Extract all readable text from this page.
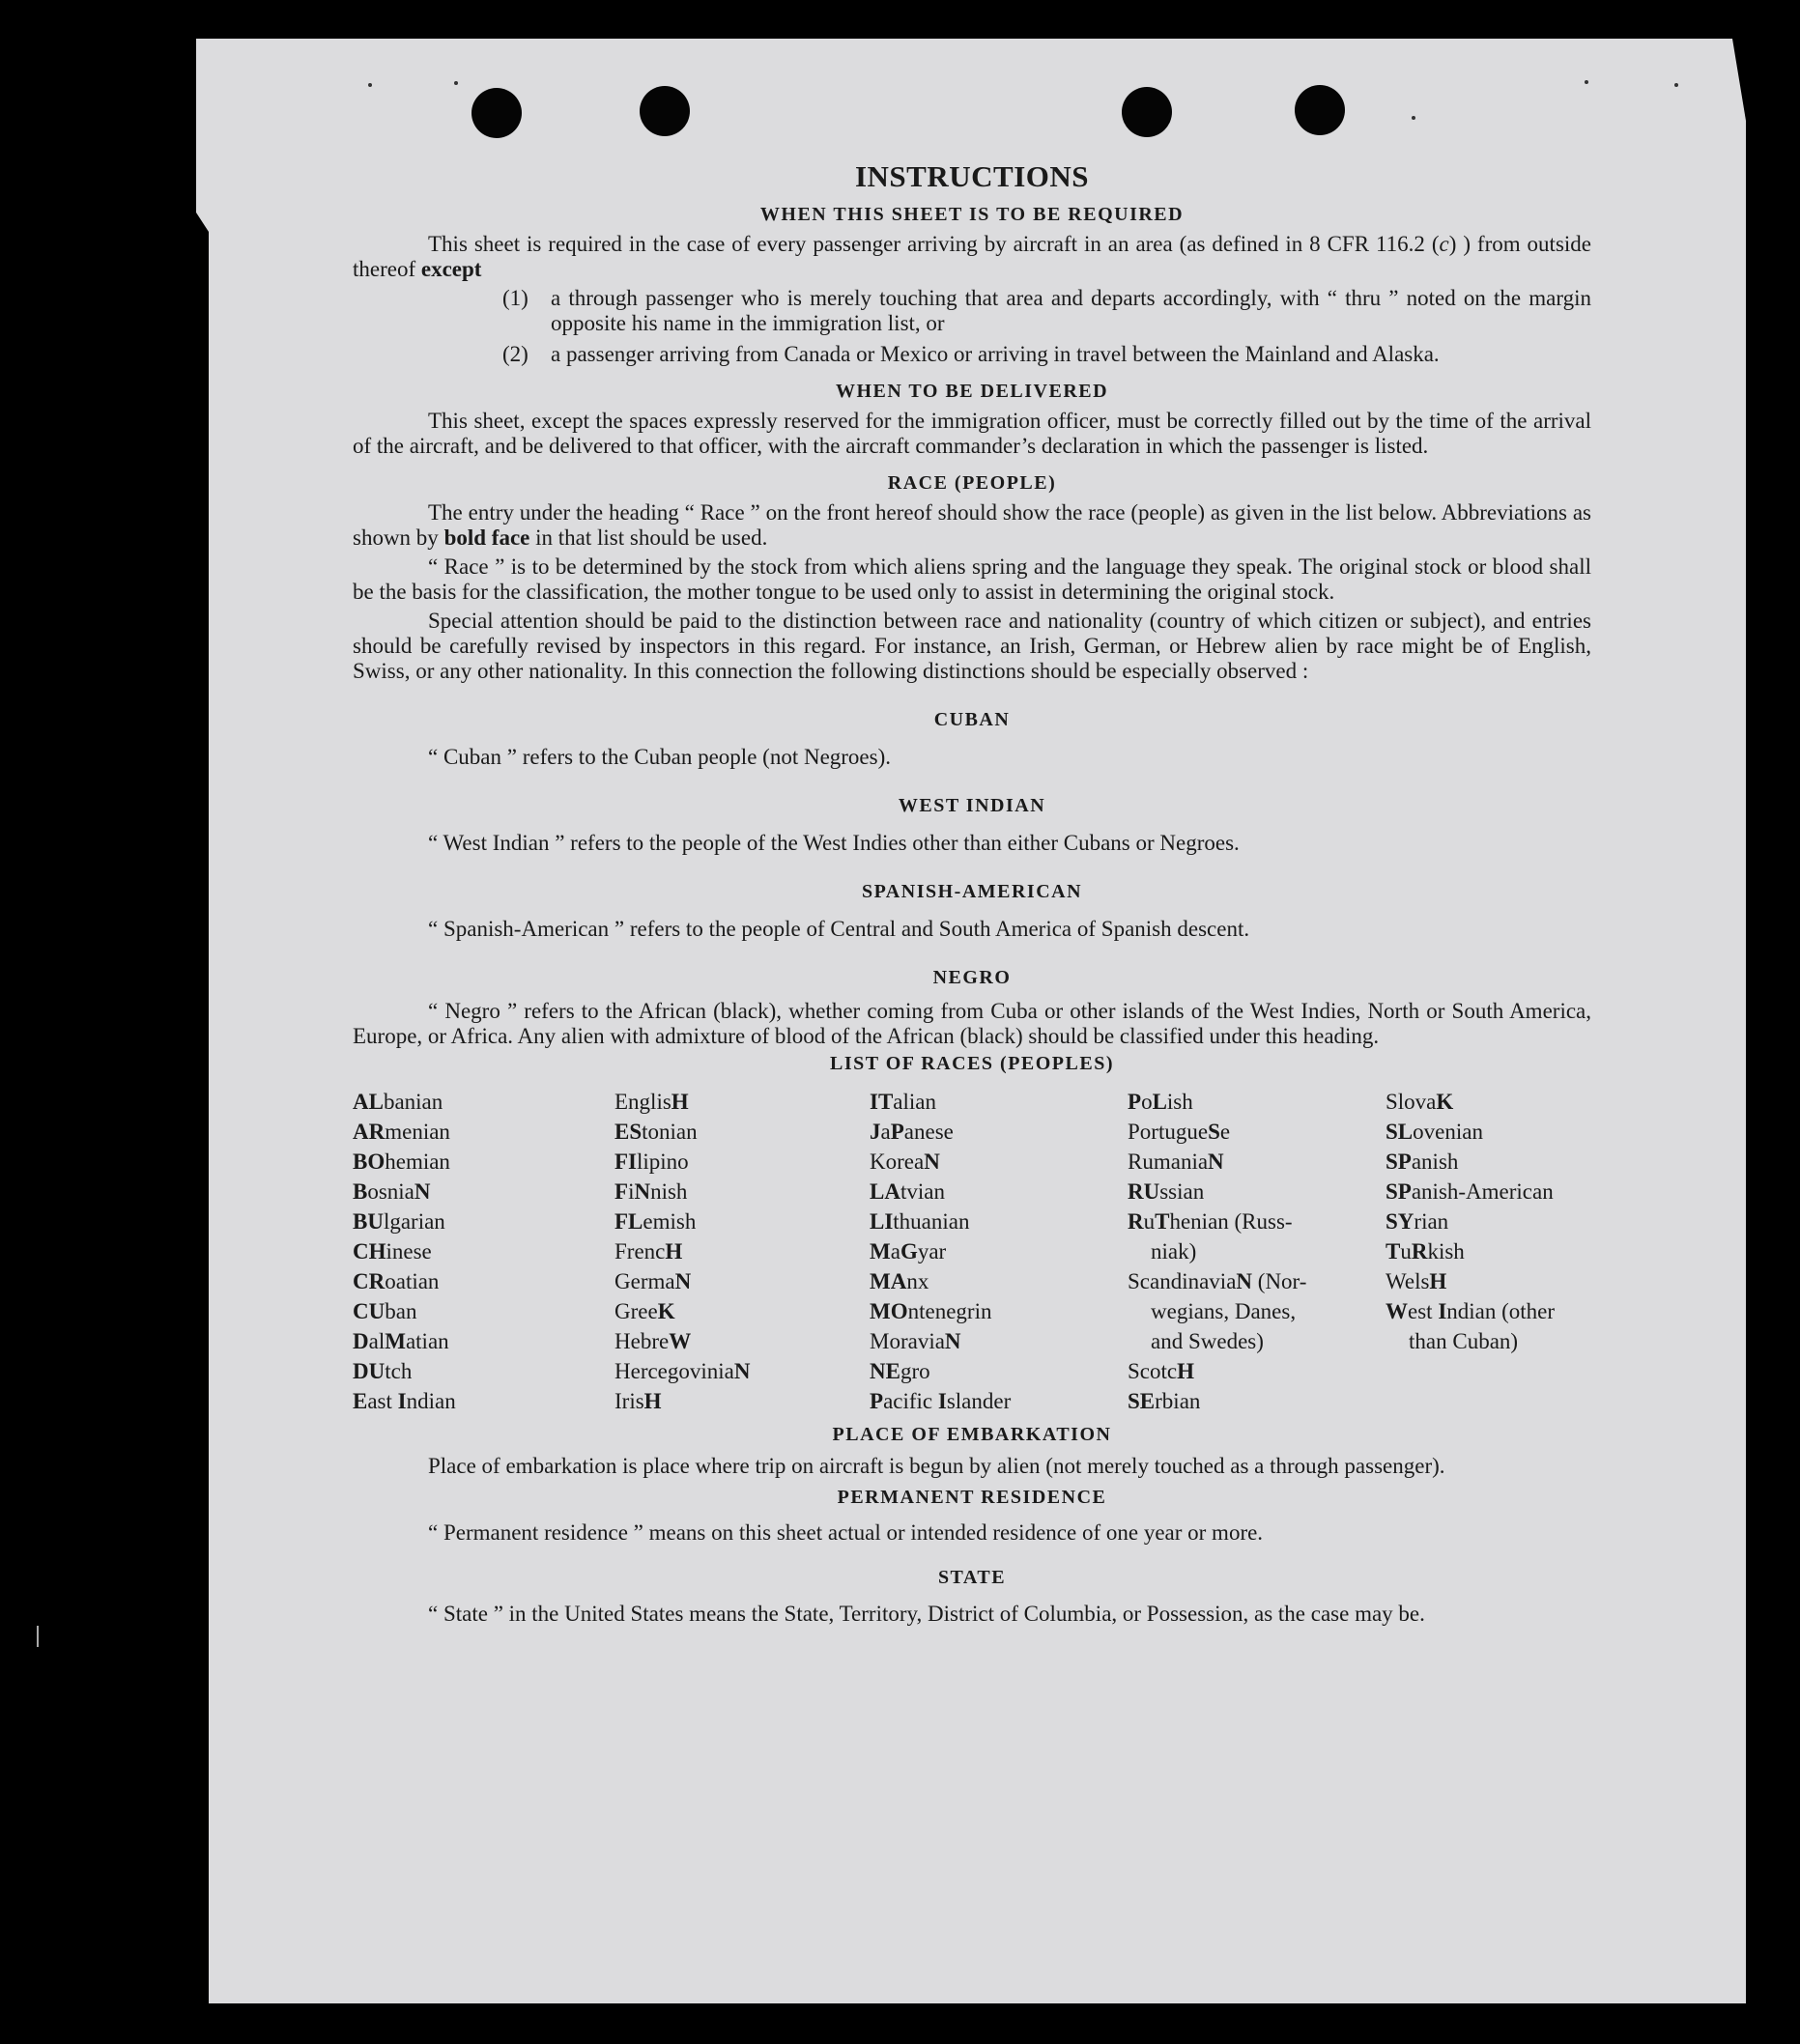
INSTRUCTIONS
WHEN THIS SHEET IS TO BE REQUIRED

This sheet is required in the case of every passenger arriving by aircraft in an area (as defined in 8 CFR 116.2 (c) ) from outside thereof except

(1)	a through passenger who is merely touching that area and departs accordingly, with “ thru ” noted on the margin opposite his name in the immigration list, or
(2)	a passenger arriving from Canada or Mexico or arriving in travel between the Mainland and Alaska.
WHEN TO BE DELIVERED

This sheet, except the spaces expressly reserved for the immigration officer, must be correctly filled out by the time of the arrival of the aircraft, and be delivered to that officer, with the aircraft commander’s declaration in which the passenger is listed.

RACE (PEOPLE)

The entry under the heading “ Race ” on the front hereof should show the race (people) as given in the list below. Abbreviations as shown by bold face in that list should be used.

“ Race ” is to be determined by the stock from which aliens spring and the language they speak. The original stock or blood shall be the basis for the classification, the mother tongue to be used only to assist in determining the original stock.

Special attention should be paid to the distinction between race and nationality (country of which citizen or subject), and entries should be carefully revised by inspectors in this regard. For instance, an Irish, German, or Hebrew alien by race might be of English, Swiss, or any other nationality. In this connection the following distinctions should be especially observed :

CUBAN
“ Cuban ” refers to the Cuban people (not Negroes).
WEST INDIAN
“ West Indian ” refers to the people of the West Indies other than either Cubans or Negroes.
SPANISH-AMERICAN
“ Spanish-American ” refers to the people of Central and South America of Spanish descent.
NEGRO

“ Negro ” refers to the African (black), whether coming from Cuba or other islands of the West Indies, North or South America, Europe, or Africa. Any alien with admixture of blood of the African (black) should be classified under this heading.

LIST OF RACES (PEOPLES)
ALbanian
ARmenian
BOhemian
BosniaN
BUlgarian
CHinese
CRoatian
CUban
DalMatian
DUtch
East Indian
EnglisH
EStonian
FIlipino
FiNnish
FLemish
FrencH
GermaN
GreeK
HebreW
HercegoviniaN
IrisH
ITalian
JaPanese
KoreaN
LAtvian
LIthuanian
MaGyar
MAnx
MOntenegrin
MoraviaN
NEgro
Pacific Islander
PoLish
PortugueSe
RumaniaN
RUssian
RuThenian (Russ-
niak)
ScandinaviaN (Nor-
wegians, Danes,
and Swedes)
ScotcH
SErbian
SlovaK
SLovenian
SPanish
SPanish-American
SYrian
TuRkish
WelsH
West Indian (other
than Cuban)
PLACE OF EMBARKATION

Place of embarkation is place where trip on aircraft is begun by alien (not merely touched as a through passenger).

PERMANENT RESIDENCE
“ Permanent residence ” means on this sheet actual or intended residence of one year or more.
STATE

“ State ” in the United States means the State, Territory, District of Columbia, or Possession, as the case may be.
